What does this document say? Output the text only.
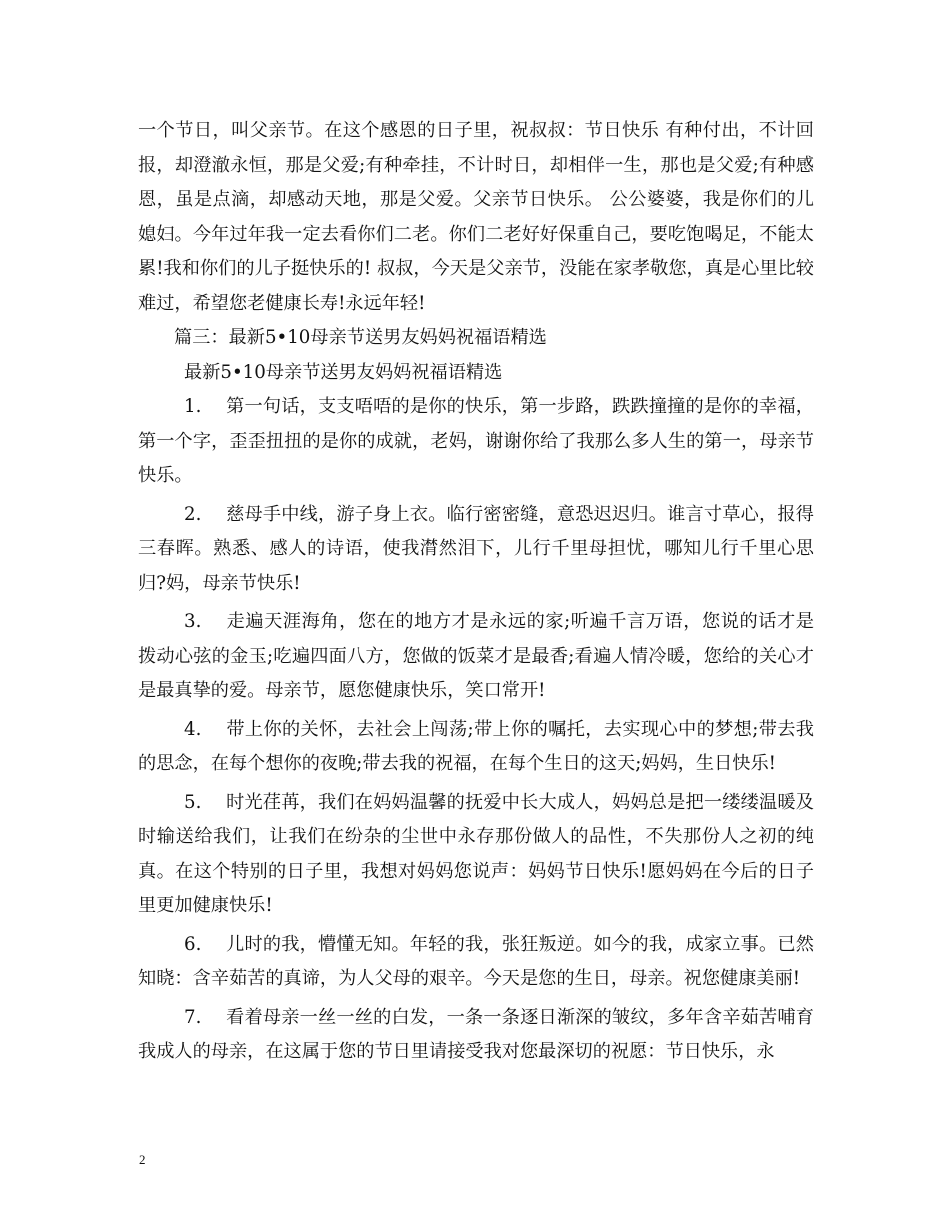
一个节日，叫父亲节。在这个感恩的日子里，祝叔叔：节日快乐 有种付出，不计回报，却澄澈永恒，那是父爱;有种牵挂，不计时日，却相伴一生，那也是父爱;有种感恩，虽是点滴，却感动天地，那是父爱。父亲节日快乐。 公公婆婆，我是你们的儿媳妇。今年过年我一定去看你们二老。你们二老好好保重自己，要吃饱喝足，不能太累!我和你们的儿子挺快乐的! 叔叔，今天是父亲节，没能在家孝敬您，真是心里比较难过，希望您老健康长寿!永远年轻!

篇三：最新5•10母亲节送男友妈妈祝福语精选

最新5•10母亲节送男友妈妈祝福语精选

1. 第一句话，支支唔唔的是你的快乐，第一步路，跌跌撞撞的是你的幸福，第一个字，歪歪扭扭的是你的成就，老妈，谢谢你给了我那么多人生的第一，母亲节快乐。

2. 慈母手中线，游子身上衣。临行密密缝，意恐迟迟归。谁言寸草心，报得三春晖。熟悉、感人的诗语，使我潸然泪下，儿行千里母担忧，哪知儿行千里心思归?妈，母亲节快乐!

3. 走遍天涯海角，您在的地方才是永远的家;听遍千言万语，您说的话才是拨动心弦的金玉;吃遍四面八方，您做的饭菜才是最香;看遍人情冷暖，您给的关心才是最真挚的爱。母亲节，愿您健康快乐，笑口常开!

4. 带上你的关怀，去社会上闯荡;带上你的嘱托，去实现心中的梦想;带去我的思念，在每个想你的夜晚;带去我的祝福，在每个生日的这天;妈妈，生日快乐!

5. 时光荏苒，我们在妈妈温馨的抚爱中长大成人，妈妈总是把一缕缕温暖及时输送给我们，让我们在纷杂的尘世中永存那份做人的品性，不失那份人之初的纯真。在这个特别的日子里，我想对妈妈您说声：妈妈节日快乐!愿妈妈在今后的日子里更加健康快乐!

6. 儿时的我，懵懂无知。年轻的我，张狂叛逆。如今的我，成家立事。已然知晓：含辛茹苦的真谛，为人父母的艰辛。今天是您的生日，母亲。祝您健康美丽!

7. 看着母亲一丝一丝的白发，一条一条逐日渐深的皱纹，多年含辛茹苦哺育我成人的母亲，在这属于您的节日里请接受我对您最深切的祝愿：节日快乐，永

2
